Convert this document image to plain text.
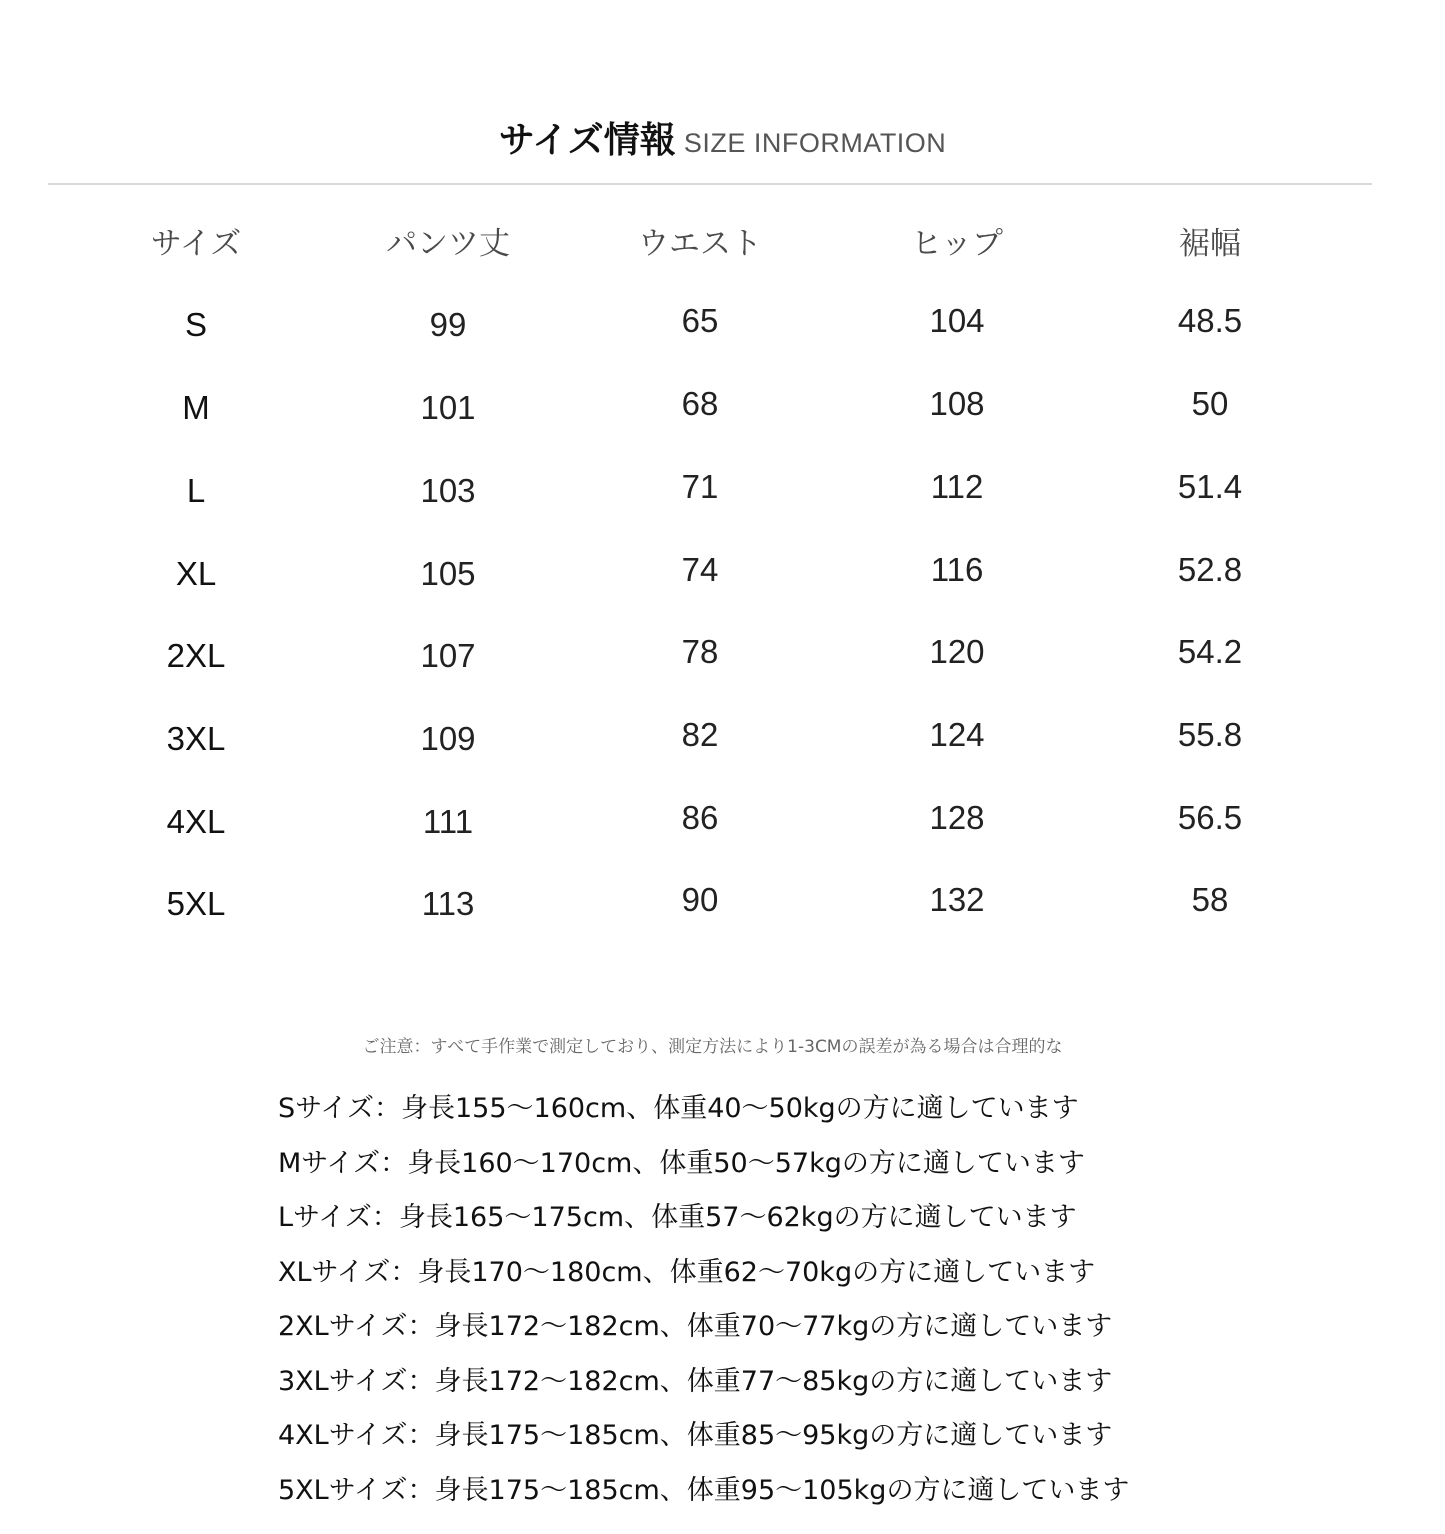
サイズ情報 SIZE INFORMATION
サイズ	パンツ丈	ウエスト	ヒップ	裾幅
S	99	65	104	48.5
M	101	68	108	50
L	103	71	112	51.4
XL	105	74	116	52.8
2XL	107	78	120	54.2
3XL	109	82	124	55.8
4XL	111	86	128	56.5
5XL	113	90	132	58
ご注意：すべて手作業で測定しており、測定方法により1-3CMの誤差が為る場合は合理的な
Sサイズ：身長155〜160cm、体重40〜50kgの方に適しています
Mサイズ：身長160〜170cm、体重50〜57kgの方に適しています
Lサイズ：身長165〜175cm、体重57〜62kgの方に適しています
XLサイズ：身長170〜180cm、体重62〜70kgの方に適しています
2XLサイズ：身長172〜182cm、体重70〜77kgの方に適しています
3XLサイズ：身長172〜182cm、体重77〜85kgの方に適しています
4XLサイズ：身長175〜185cm、体重85〜95kgの方に適しています
5XLサイズ：身長175〜185cm、体重95〜105kgの方に適しています
